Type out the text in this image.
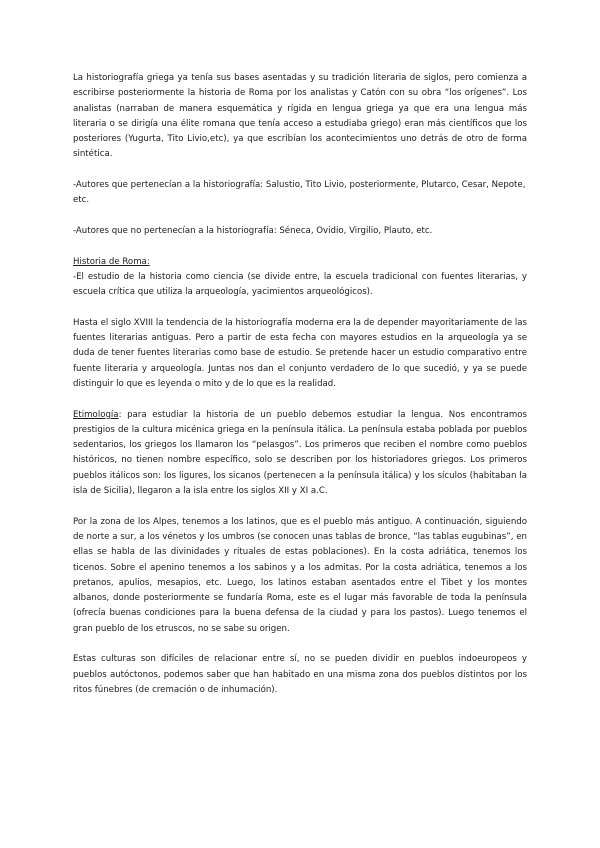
La historiografía griega ya tenía sus bases asentadas y su tradición literaria de siglos, pero comienza a escribirse posteriormente la historia de Roma por los analistas y Catón con su obra “los orígenes”. Los analistas (narraban de manera esquemática y rígida en lengua griega ya que era una lengua más literaria o se dirigía una élite romana que tenía acceso a estudiaba griego) eran más científicos que los posteriores (Yugurta, Tito Livio,etc), ya que escribían los acontecimientos uno detrás de otro de forma sintética.

-Autores que pertenecían a la historiografía: Salustio, Tito Livio, posteriormente, Plutarco, Cesar, Nepote, etc.

-Autores que no pertenecían a la historiografía: Séneca, Ovidio, Virgilio, Plauto, etc.

Historia de Roma:

-El estudio de la historia como ciencia (se divide entre, la escuela tradicional con fuentes literarias, y escuela crítica que utiliza la arqueología, yacimientos arqueológicos).

Hasta el siglo XVIII la tendencia de la historiografía moderna era la de depender mayoritariamente de las fuentes literarias antiguas. Pero a partir de esta fecha con mayores estudios en la arqueología ya se duda de tener fuentes literarias como base de estudio. Se pretende hacer un estudio comparativo entre fuente literaria y arqueología. Juntas nos dan el conjunto verdadero de lo que sucedió, y ya se puede distinguir lo que es leyenda o mito y de lo que es la realidad.

Etimología: para estudiar la historia de un pueblo debemos estudiar la lengua. Nos encontramos prestigios de la cultura micénica griega en la península itálica. La península estaba poblada por pueblos sedentarios, los griegos los llamaron los “pelasgos”. Los primeros que reciben el nombre como pueblos históricos, no tienen nombre específico, solo se describen por los historiadores griegos. Los primeros pueblos itálicos son: los ligures, los sicanos (pertenecen a la península itálica) y los sículos (habitaban la isla de Sicilia), llegaron a la isla entre los siglos XII y XI a.C.

Por la zona de los Alpes, tenemos a los latinos, que es el pueblo más antiguo. A continuación, siguiendo de norte a sur, a los vénetos y los umbros (se conocen unas tablas de bronce, “las tablas eugubinas”, en ellas se habla de las divinidades y rituales de estas poblaciones). En la costa adriática, tenemos los ticenos. Sobre el apenino tenemos a los sabinos y a los admitas. Por la costa adriática, tenemos a los pretanos, apulios, mesapios, etc. Luego, los latinos estaban asentados entre el Tibet y los montes albanos, donde posteriormente se fundaría Roma, este es el lugar más favorable de toda la península (ofrecía buenas condiciones para la buena defensa de la ciudad y para los pastos). Luego tenemos el gran pueblo de los etruscos, no se sabe su origen.

Estas culturas son difíciles de relacionar entre sí, no se pueden dividir en pueblos indoeuropeos y pueblos autóctonos, podemos saber que han habitado en una misma zona dos pueblos distintos por los ritos fúnebres (de cremación o de inhumación).
